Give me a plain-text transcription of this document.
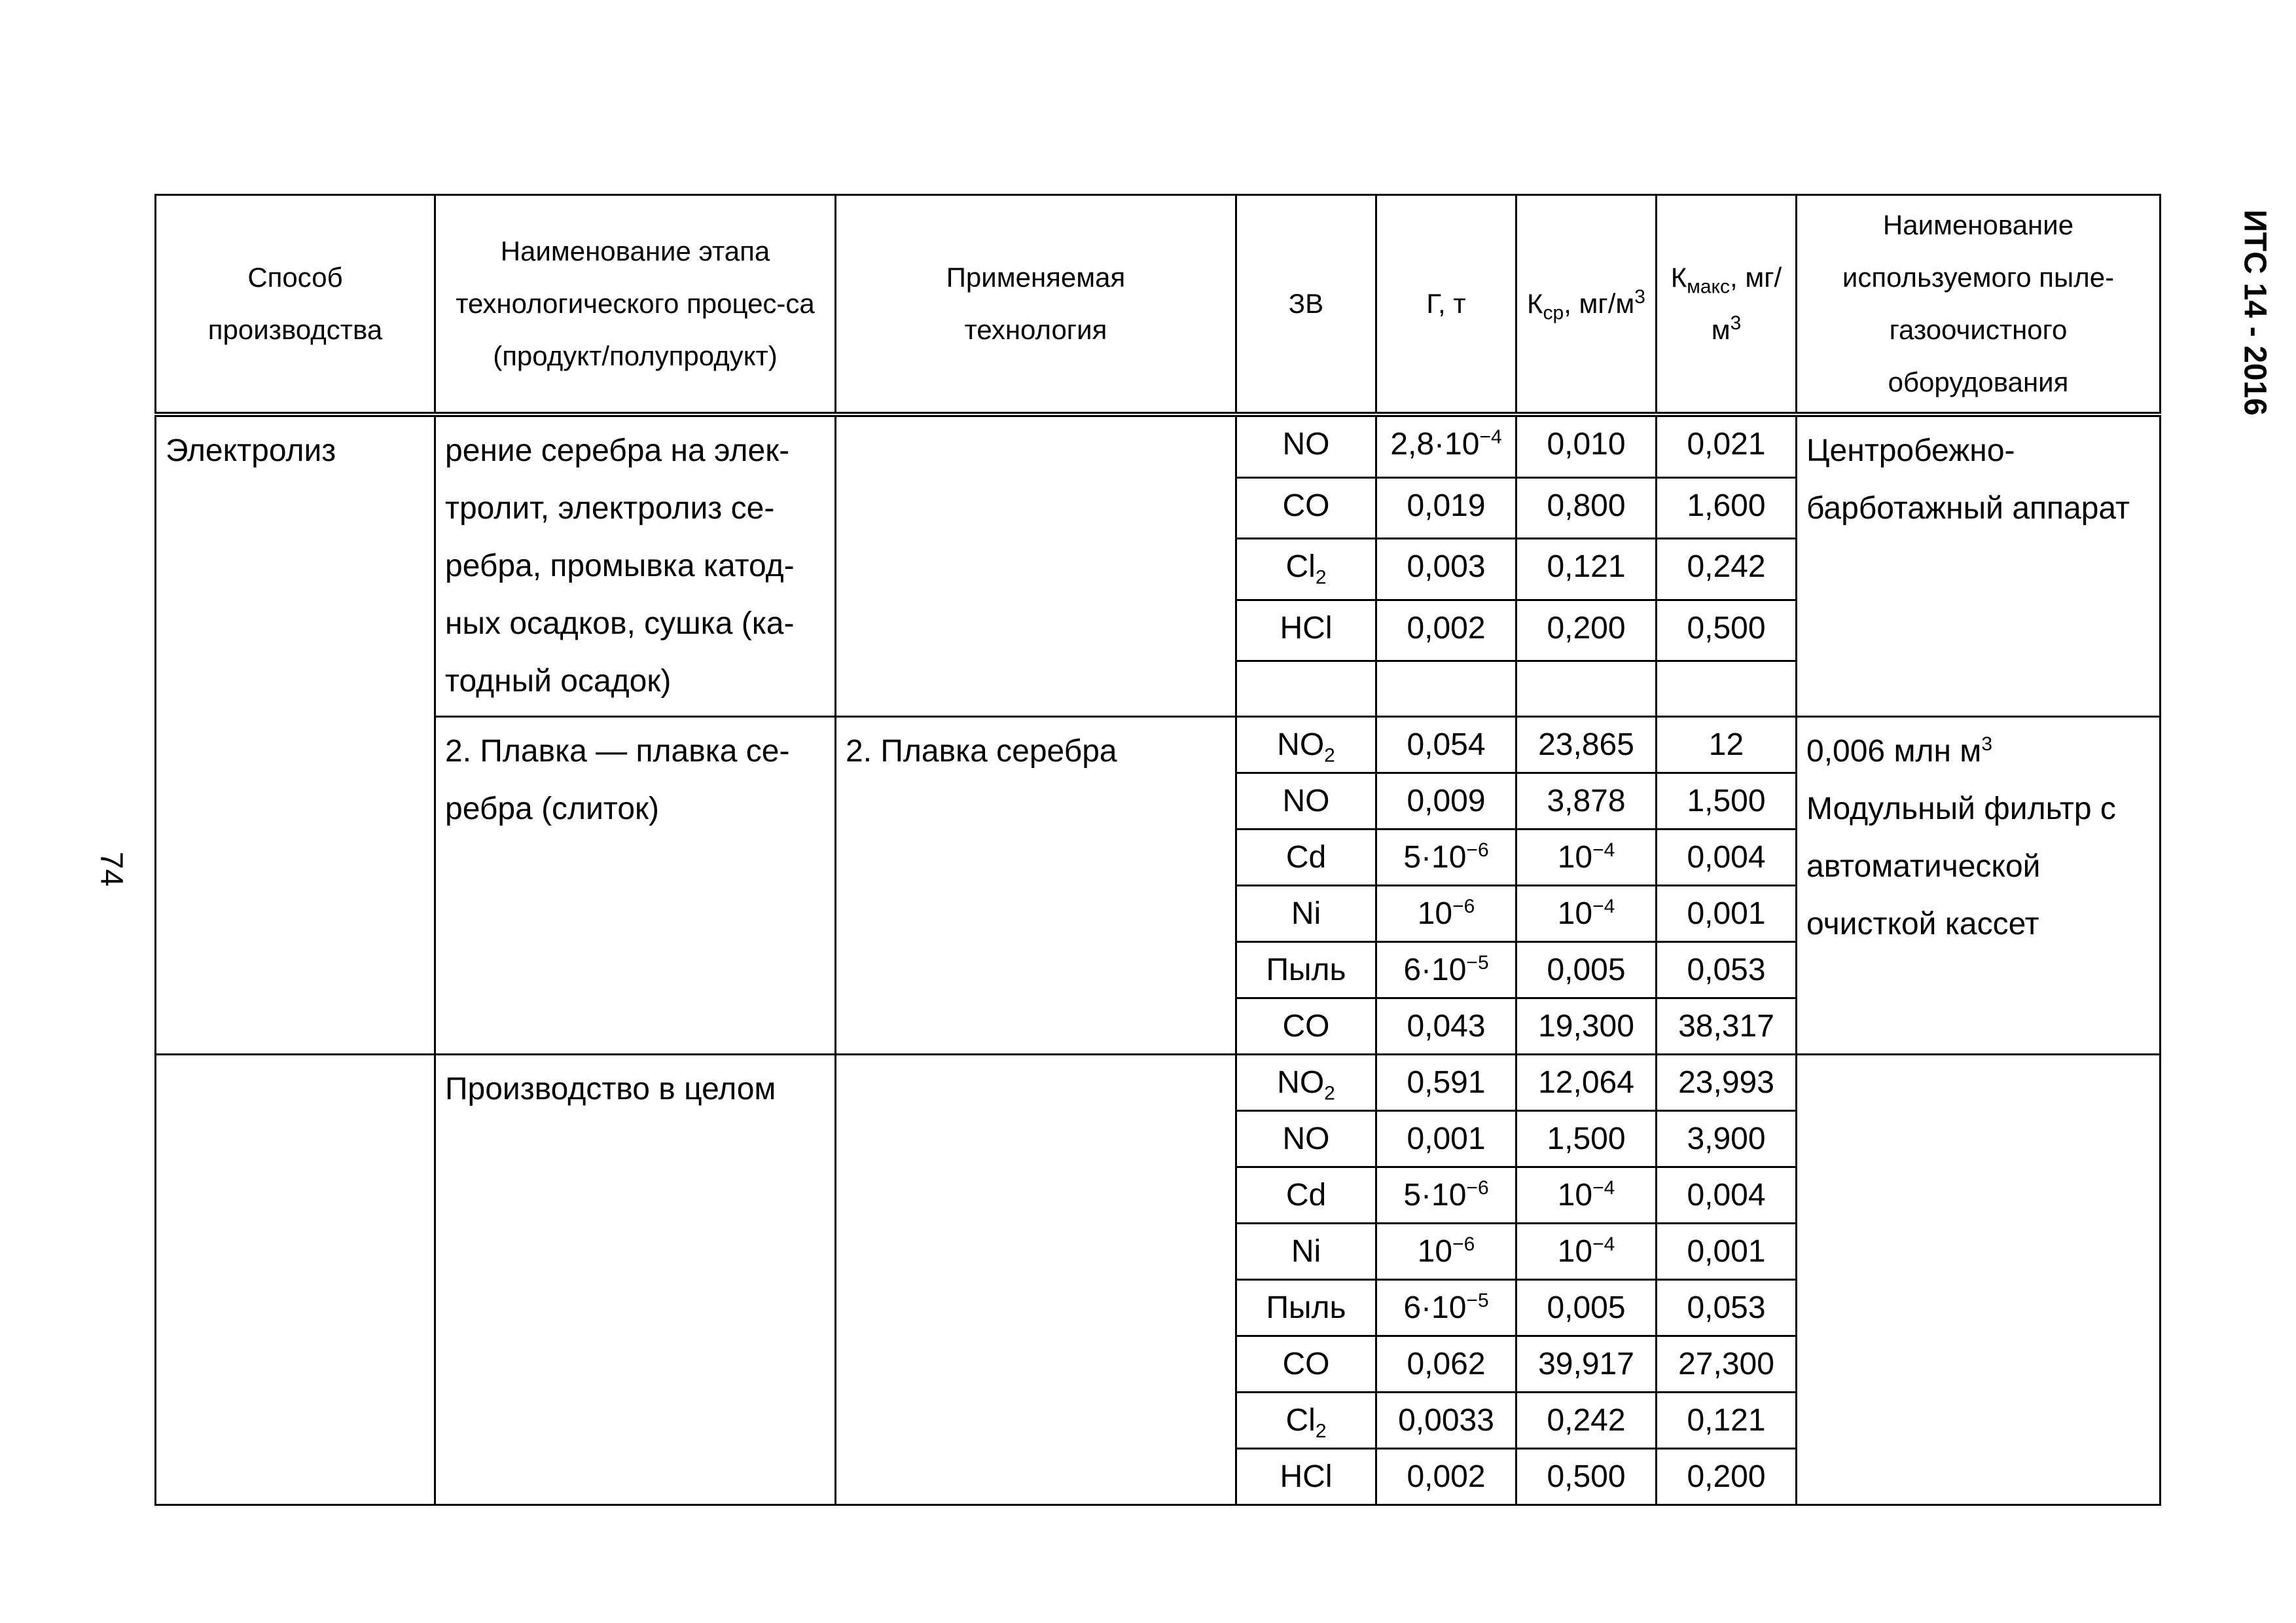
74
ИТС 14 - 2016
Способ производства	Наименование этапа технологического процес-са (продукт/полупродукт)	Применяемая технология	ЗВ	Г, т	$К_{ср}$, $мг/м^3$	$К_{макс}$, $мг/м^3$	Наименование используемого пыле-газоочистного оборудования
Электролиз	рение серебра на элек-тролит, электролиз се-ребра, промывка катод-ных осадков, сушка (ка-тодный осадок)		NO	$2,8\cdot 10^{-4}$	0,010	0,021	Центробежно-барботажный аппарат
			CO	0,019	0,800	1,600	
			$Cl_2$	0,003	0,121	0,242	
			HCl	0,002	0,200	0,500	

	2. Плавка — плавка се-ребра (слиток)	2. Плавка серебра	$NO_2$	0,054	23,865	12	0,006 млн $м^3$
Модульный фильтр с автоматической очисткой кассет

			NO	0,009	3,878	1,500	
			Cd	$5\cdot 10^{-6}$	$10^{-4}$	0,004	
			Ni	$10^{-6}$	$10^{-4}$	0,001	
			Пыль	$6\cdot 10^{-5}$	0,005	0,053	
			CO	0,043	19,300	38,317	
	Производство в целом		$NO_2$	0,591	12,064	23,993	
			NO	0,001	1,500	3,900	
			Cd	$5\cdot 10^{-6}$	$10^{-4}$	0,004	
			Ni	$10^{-6}$	$10^{-4}$	0,001	
			Пыль	$6\cdot 10^{-5}$	0,005	0,053	
			CO	0,062	39,917	27,300	
			$Cl_2$	0,0033	0,242	0,121	
			HCl	0,002	0,500	0,200	
